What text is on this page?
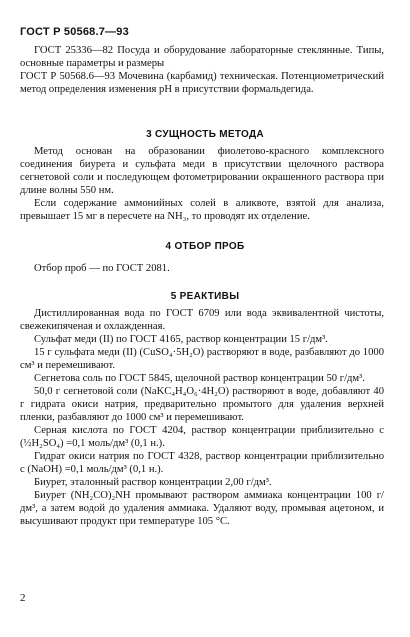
ГОСТ Р 50568.7—93

ГОСТ 25336—82 Посуда и оборудование лабораторные стеклянные. Типы, основные параметры и размеры

ГОСТ Р 50568.6—93 Мочевина (карбамид) техническая. Потенциометрический метод определения изменения pH в присутствии формальдегида.

3 СУЩНОСТЬ МЕТОДА

Метод основан на образовании фиолетово-красного комплексного соединения биурета и сульфата меди в присутствии щелочного раствора сегнетовой соли и последующем фотометрировании окрашенного раствора при длине волны 550 нм.

Если содержание аммонийных солей в аликвоте, взятой для анализа, превышает 15 мг в пересчете на NH₃, то проводят их отделение.

4 ОТБОР ПРОБ

Отбор проб — по ГОСТ 2081.

5 РЕАКТИВЫ

Дистиллированная вода по ГОСТ 6709 или вода эквивалентной чистоты, свежекипяченая и охлажденная.

Сульфат меди (II) по ГОСТ 4165, раствор концентрации 15 г/дм³.

15 г сульфата меди (II) (CuSO₄·5H₂O) растворяют в воде, разбавляют до 1000 см³ и перемешивают.

Сегнетова соль по ГОСТ 5845, щелочной раствор концентрации 50 г/дм³.

50,0 г сегнетовой соли (NaKC₄H₄O₆·4H₂O) растворяют в воде, добавляют 40 г гидрата окиси натрия, предварительно промытого для удаления верхней пленки, разбавляют до 1000 см³ и перемешивают.

Серная кислота по ГОСТ 4204, раствор концентрации приблизительно c (½H₂SO₄) =0,1 моль/дм³ (0,1 н.).

Гидрат окиси натрия по ГОСТ 4328, раствор концентрации приблизительно c (NaOH) =0,1 моль/дм³ (0,1 н.).

Биурет, эталонный раствор концентрации 2,00 г/дм³.

Биурет (NH₂CO)₂NH промывают раствором аммиака концентрации 100 г/дм³, а затем водой до удаления аммиака. Удаляют воду, промывая ацетоном, и высушивают продукт при температуре 105 °С.

2
